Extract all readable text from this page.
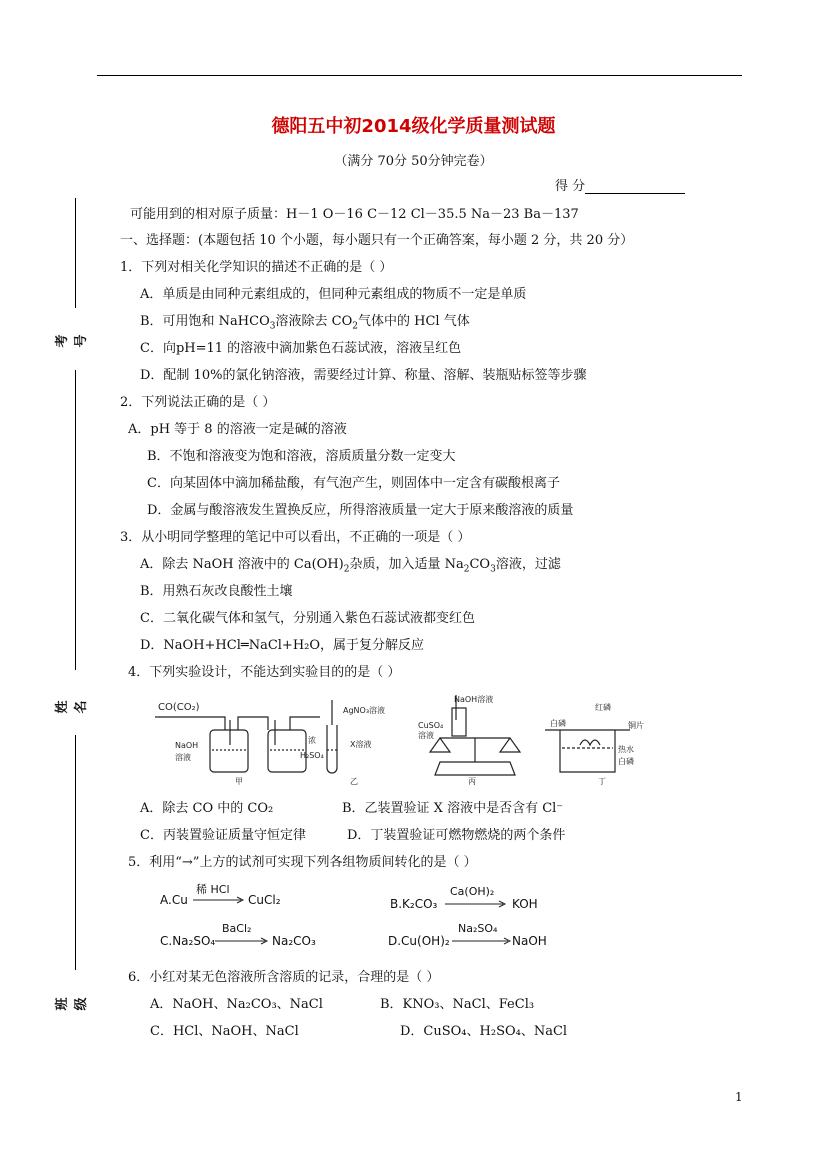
德阳五中初2014级化学质量测试题
（满分 70分 50分钟完卷）
得 分
考号
姓名
班级
可能用到的相对原子质量：H－1 O－16 C－12 Cl－35.5 Na－23 Ba－137
一、选择题：(本题包括 10 个小题，每小题只有一个正确答案，每小题 2 分，共 20 分）
1．下列对相关化学知识的描述不正确的是（ ）
A．单质是由同种元素组成的，但同种元素组成的物质不一定是单质
B．可用饱和 NaHCO$_3$溶液除去 $CO_2$气体中的 HCl 气体
C．向pH=11 的溶液中滴加紫色石蕊试液，溶液呈红色
D．配制 10%的氯化钠溶液，需要经过计算、称量、溶解、装瓶贴标签等步骤
2．下列说法正确的是（ ）
A．pH 等于 8 的溶液一定是碱的溶液
B．不饱和溶液变为饱和溶液，溶质质量分数一定变大
C．向某固体中滴加稀盐酸，有气泡产生，则固体中一定含有碳酸根离子
D．金属与酸溶液发生置换反应，所得溶液质量一定大于原来酸溶液的质量
3．从小明同学整理的笔记中可以看出，不正确的一项是（ ）
A．除去 NaOH 溶液中的 $Ca(OH)_2$杂质，加入适量 $Na_2CO_3$溶液，过滤
B．用熟石灰改良酸性土壤
C．二氧化碳气体和氢气，分别通入紫色石蕊试液都变红色
D．NaOH+HCl═NaCl+H₂O，属于复分解反应
4．下列实验设计，不能达到实验目的的是（ ）
CO(CO₂)
NaOH
溶液
浓
H₂SO₄
甲
AgNO₃溶液
X溶液
乙
NaOH溶液
CuSO₄
溶液
丙
白磷
红磷
铜片
热水
白磷
丁
A．除去 CO 中的 CO₂	B．乙装置验证 X 溶液中是否含有 Cl⁻
C．丙装置验证质量守恒定律	D．丁装置验证可燃物燃烧的两个条件
5．利用“→”上方的试剂可实现下列各组物质间转化的是（ ）
A.Cu
稀 HCl
CuCl₂	B.K₂CO₃
Ca(OH)₂
KOH
C.Na₂SO₄
BaCl₂
Na₂CO₃	D.Cu(OH)₂
Na₂SO₄
NaOH
6．小红对某无色溶液所含溶质的记录，合理的是（ ）
A．NaOH、Na₂CO₃、NaCl	B．KNO₃、NaCl、FeCl₃
C．HCl、NaOH、NaCl	D．CuSO₄、H₂SO₄、NaCl
1
